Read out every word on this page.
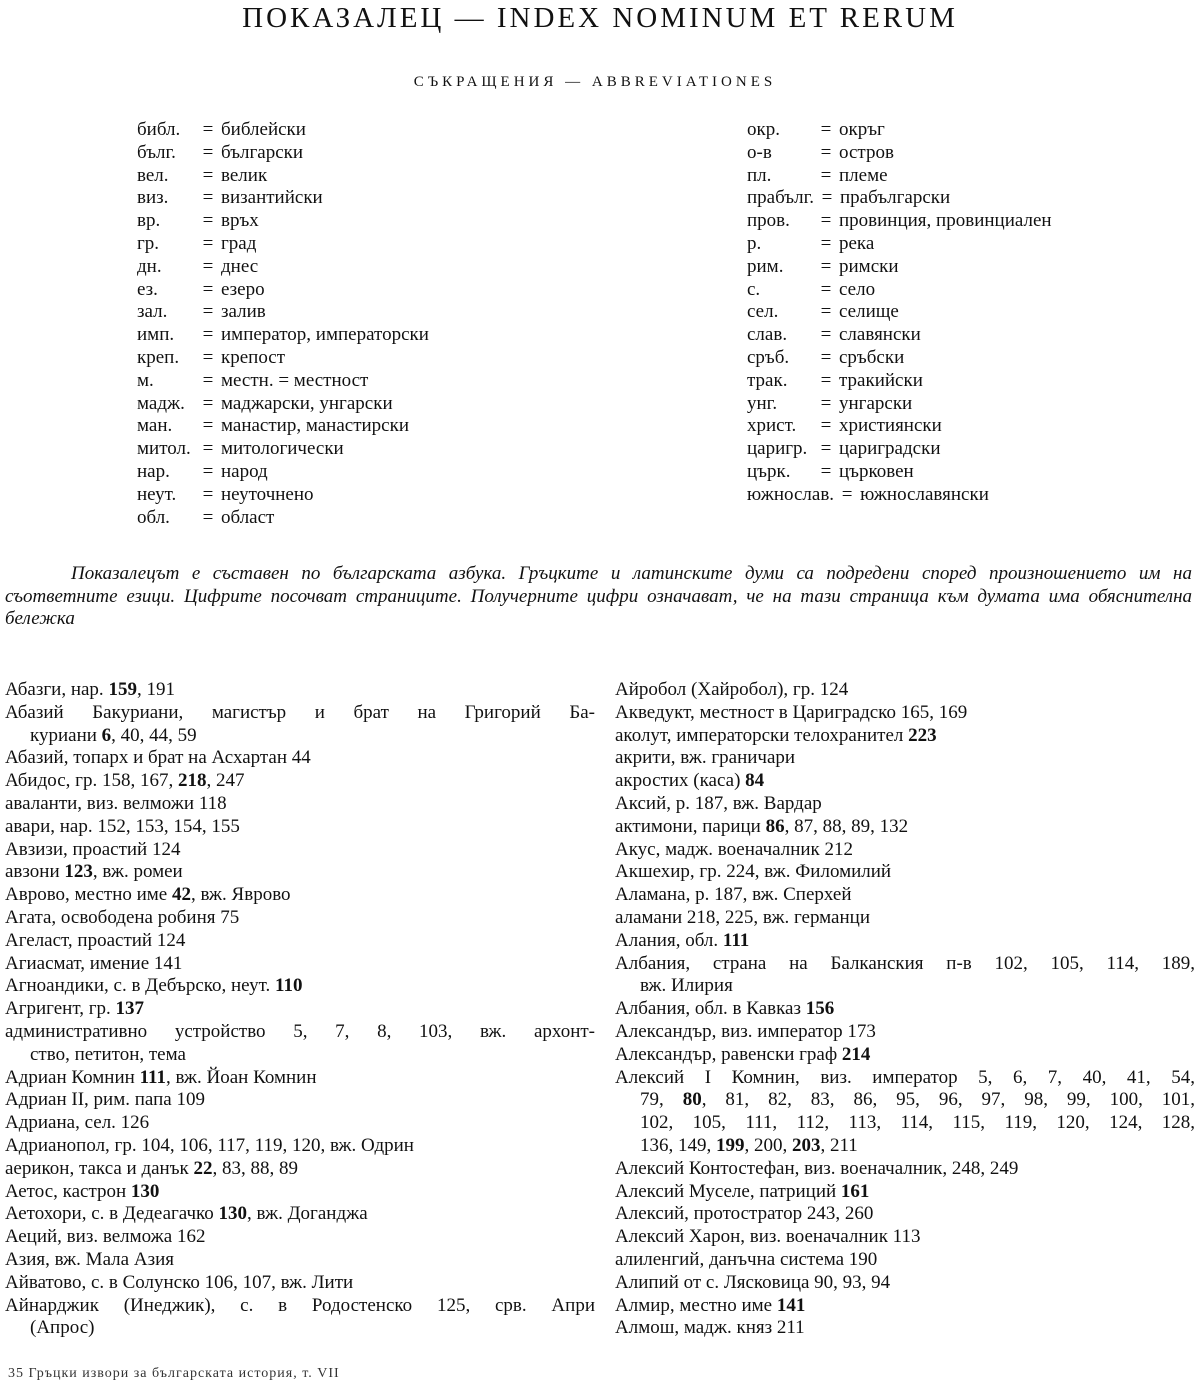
ПОКАЗАЛЕЦ — INDEX NOMINUM ET RERUM
СЪКРАЩЕНИЯ — ABBREVIATIONES
библ. = библейски
бълг. = български
вел. = велик
виз. = византийски
вр. = връх
гр. = град
дн. = днес
ез. = езеро
зал. = залив
имп. = император, императорски
креп. = крепост
м.	= местн. = местност
мадж. = маджарски, унгарски
ман. = манастир, манастирски
митол. = митологически
нар. = народ
неут. = неуточнено
обл. = област
окр. = окръг
о-в	= остров
пл.	= племе
прабълг. = прабългарски
пров. = провинция, провинциален
р.	= река
рим. = римски
с.	= село
сел. = селище
слав. = славянски
сръб. = сръбски
трак. = тракийски
унг. = унгарски
христ. = християнски
царигр. = цариградски
църк. = църковен
южнослав. = южнославянски
Показалецът е съставен по българската азбука. Гръцките и латинските думи са подредени според произношението им на съответните езици. Цифрите посочват страниците. Получерните цифри означават, че на тази страница към думата има обяснителна бележка
Абазги, нар. 159, 191
Абазий Бакуриани, магистър и брат на Григорий Ба-
куриани 6, 40, 44, 59
Абазий, топарх и брат на Асхартан 44
Абидос, гр. 158, 167, 218, 247
аваланти, виз. велможи 118
авари, нар. 152, 153, 154, 155
Авзизи, проастий 124
авзони 123, вж. ромеи
Аврово, местно име 42, вж. Яврово
Агата, освободена робиня 75
Агеласт, проастий 124
Агиасмат, имение 141
Агноандики, с. в Дебърско, неут. 110
Агригент, гр. 137
административно устройство 5, 7, 8, 103, вж. архонт-
ство, петитон, тема
Адриан Комнин 111, вж. Йоан Комнин
Адриан II, рим. папа 109
Адриана, сел. 126
Адрианопол, гр. 104, 106, 117, 119, 120, вж. Одрин
аерикон, такса и данък 22, 83, 88, 89
Аетос, кастрон 130
Аетохори, с. в Дедеагачко 130, вж. Доганджа
Аеций, виз. велможа 162
Азия, вж. Мала Азия
Айватово, с. в Солунско 106, 107, вж. Лити
Айнарджик (Инеджик), с. в Родостенско 125, срв. Апри
(Апрос)
Айробол (Хайробол), гр. 124
Акведукт, местност в Цариградско 165, 169
аколут, императорски телохранител 223
акрити, вж. граничари
акростих (каса) 84
Аксий, р. 187, вж. Вардар
актимони, парици 86, 87, 88, 89, 132
Акус, мадж. военачалник 212
Акшехир, гр. 224, вж. Филомилий
Аламана, р. 187, вж. Сперхей
аламани 218, 225, вж. германци
Алания, обл. 111
Албания, страна на Балканския п-в 102, 105, 114, 189,
вж. Илирия
Албания, обл. в Кавказ 156
Александър, виз. император 173
Александър, равенски граф 214
Алексий I Комнин, виз. император 5, 6, 7, 40, 41, 54,
79, 80, 81, 82, 83, 86, 95, 96, 97, 98, 99, 100, 101,
102, 105, 111, 112, 113, 114, 115, 119, 120, 124, 128,
136, 149, 199, 200, 203, 211
Алексий Контостефан, виз. военачалник, 248, 249
Алексий Муселе, патриций 161
Алексий, протостратор 243, 260
Алексий Харон, виз. военачалник 113
алиленгий, данъчна система 190
Алипий от с. Лясковица 90, 93, 94
Алмир, местно име 141
Алмош, мадж. княз 211
35 Гръцки извори за българската история, т. VII
